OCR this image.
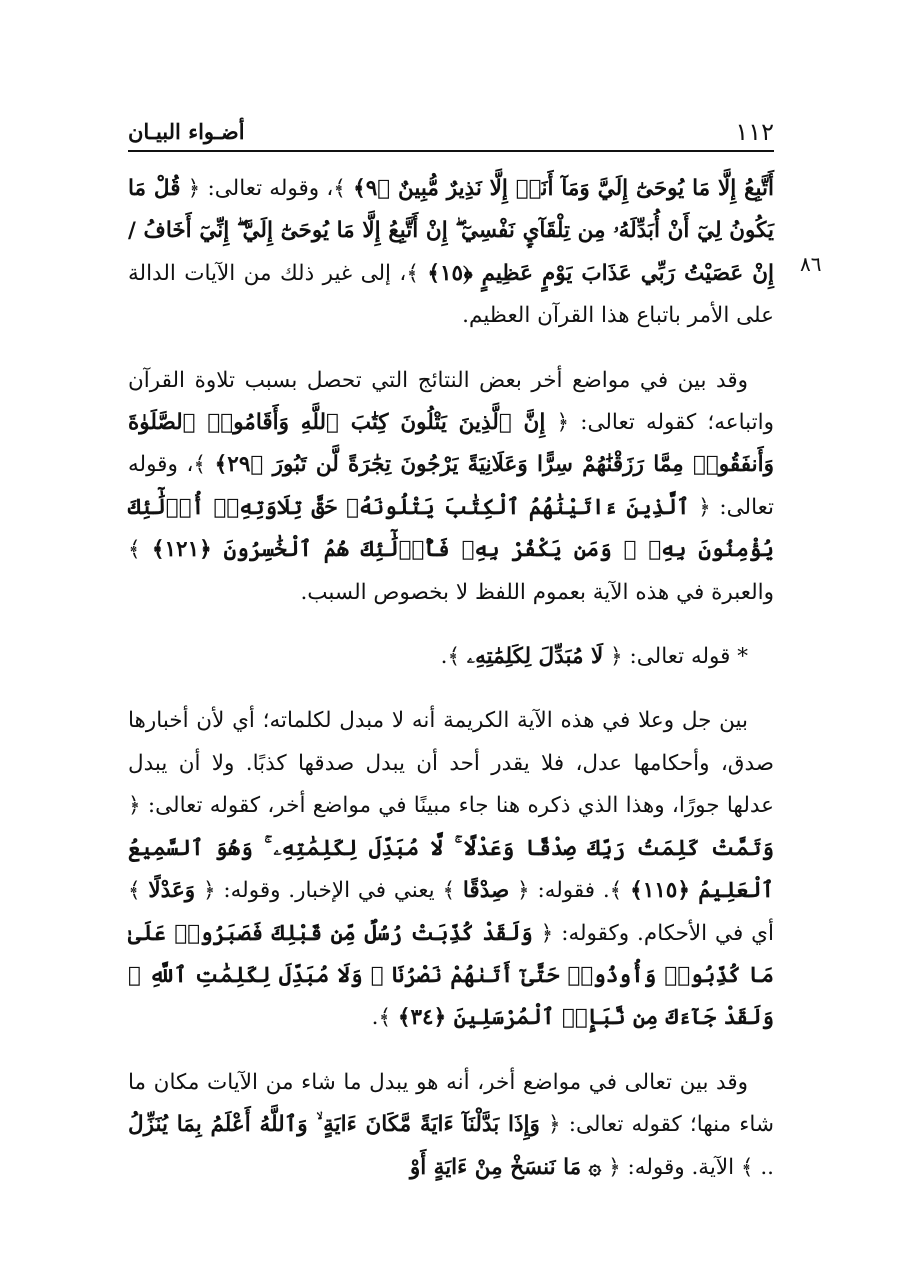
١١٢
أضـواء البيـان
٨٦

أَتَّبِعُ إِلَّا مَا يُوحَىٰٓ إِلَيَّ وَمَآ أَنَا۠ إِلَّا نَذِيرٌ مُّبِينٌ ﴿٩﴾ ﴾، وقوله تعالى: ﴿ قُلْ مَا يَكُونُ لِيٓ أَنْ أُبَدِّلَهُۥ مِن تِلْقَآيِٕ نَفْسِيٓ ۖ إِنْ أَتَّبِعُ إِلَّا مَا يُوحَىٰٓ إِلَيَّ ۖ إِنِّيٓ أَخَافُ / إِنْ عَصَيْتُ رَبِّي عَذَابَ يَوْمٍ عَظِيمٍ ﴿١٥﴾ ﴾، إلى غير ذلك من الآيات الدالة على الأمر باتباع هذا القرآن العظيم.

وقد بين في مواضع أخر بعض النتائج التي تحصل بسبب تلاوة القرآن واتباعه؛ كقوله تعالى: ﴿ إِنَّ ٱلَّذِينَ يَتْلُونَ كِتَٰبَ ٱللَّهِ وَأَقَامُوا۟ ٱلصَّلَوٰةَ وَأَنفَقُوا۟ مِمَّا رَزَقْنَٰهُمْ سِرًّا وَعَلَانِيَةً يَرْجُونَ تِجَٰرَةً لَّن تَبُورَ ﴿٢٩﴾ ﴾، وقوله تعالى: ﴿ ٱلَّذِينَ ءَاتَيْنَٰهُمُ ٱلْكِتَٰبَ يَتْلُونَهُۥ حَقَّ تِلَاوَتِهِۦٓ أُو۟لَٰٓئِكَ يُؤْمِنُونَ بِهِۦ ۗ وَمَن يَكْفُرْ بِهِۦ فَأُو۟لَٰٓئِكَ هُمُ ٱلْخَٰسِرُونَ ﴿١٢١﴾ ﴾ والعبرة في هذه الآية بعموم اللفظ لا بخصوص السبب.

* قوله تعالى: ﴿ لَا مُبَدِّلَ لِكَلِمَٰتِهِۦ ﴾.

بين جل وعلا في هذه الآية الكريمة أنه لا مبدل لكلماته؛ أي لأن أخبارها صدق، وأحكامها عدل، فلا يقدر أحد أن يبدل صدقها كذبًا. ولا أن يبدل عدلها جورًا، وهذا الذي ذكره هنا جاء مبينًا في مواضع أخر، كقوله تعالى: ﴿ وَتَمَّتْ كَلِمَتُ رَبِّكَ صِدْقًا وَعَدْلًا ۚ لَّا مُبَدِّلَ لِكَلِمَٰتِهِۦ ۚ وَهُوَ ٱلسَّمِيعُ ٱلْعَلِيمُ ﴿١١٥﴾ ﴾. فقوله: ﴿ صِدْقًا ﴾ يعني في الإخبار. وقوله: ﴿ وَعَدْلًا ﴾ أي في الأحكام. وكقوله: ﴿ وَلَقَدْ كُذِّبَتْ رُسُلٌ مِّن قَبْلِكَ فَصَبَرُوا۟ عَلَىٰ مَا كُذِّبُوا۟ وَأُوذُوا۟ حَتَّىٰٓ أَتَىٰهُمْ نَصْرُنَا ۚ وَلَا مُبَدِّلَ لِكَلِمَٰتِ ٱللَّهِ ۚ وَلَقَدْ جَآءَكَ مِن نَّبَإِى۟ ٱلْمُرْسَلِينَ ﴿٣٤﴾ ﴾.

وقد بين تعالى في مواضع أخر، أنه هو يبدل ما شاء من الآيات مكان ما شاء منها؛ كقوله تعالى: ﴿ وَإِذَا بَدَّلْنَآ ءَايَةً مَّكَانَ ءَايَةٍ ۙ وَٱللَّهُ أَعْلَمُ بِمَا يُنَزِّلُ .. ﴾ الآية. وقوله: ﴿ ۞ مَا نَنسَخْ مِنْ ءَايَةٍ أَوْ
